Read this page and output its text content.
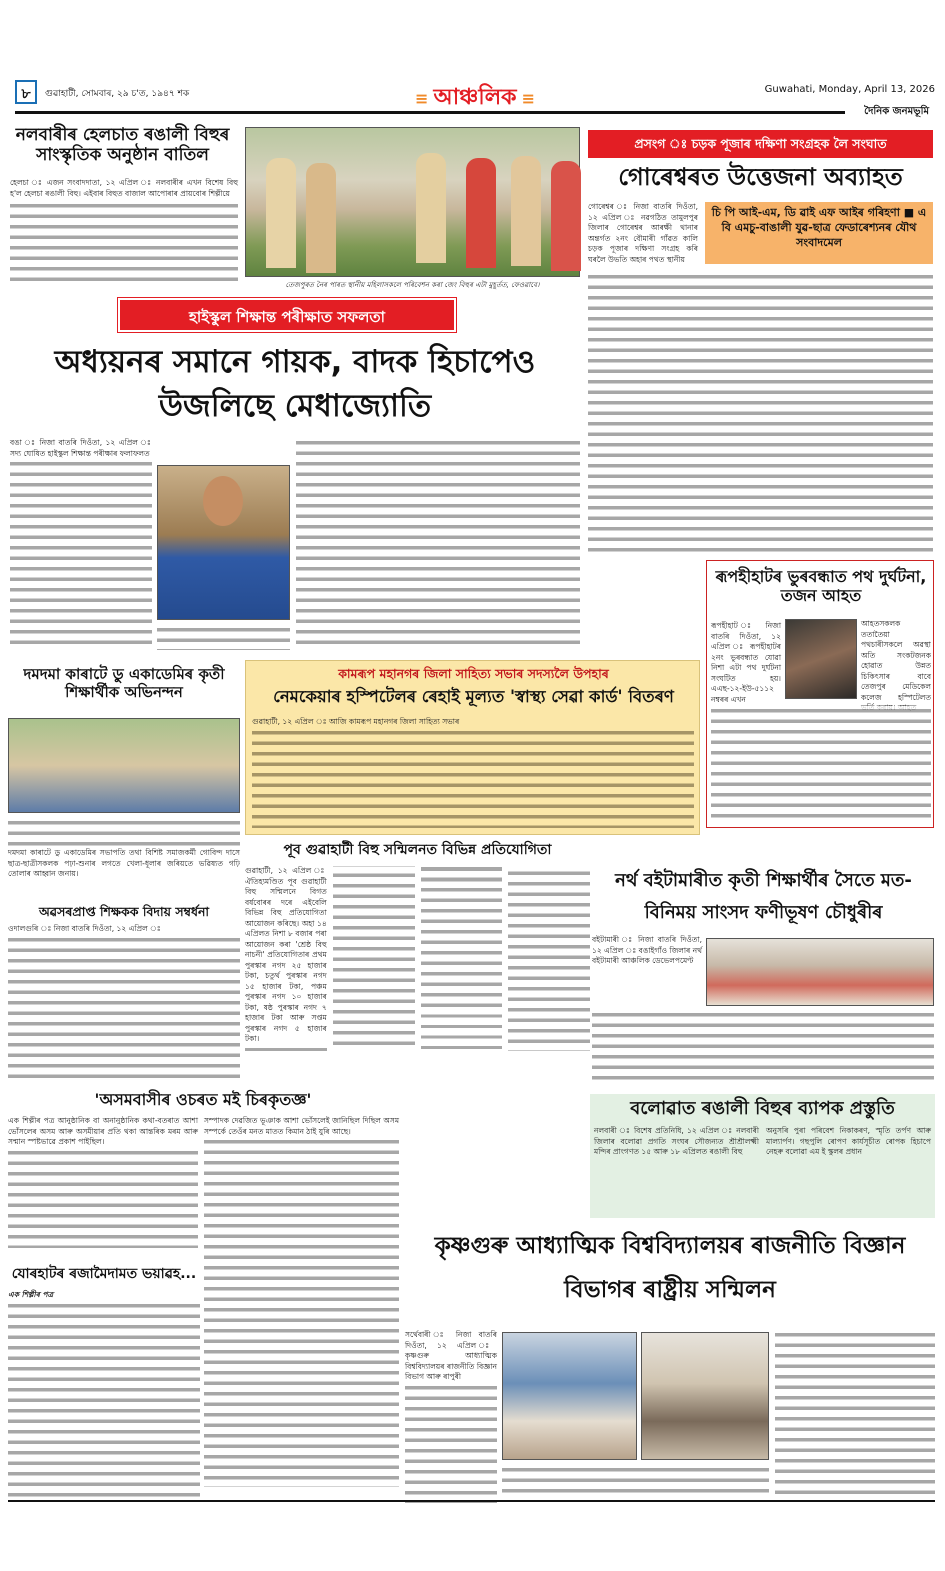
৮	গুৱাহাটী, সোমবাৰ, ২৯ চ'ত, ১৯৪৭ শক	≡ আঞ্চলিক ≡	Guwahati, Monday, April 13, 2026
দৈনিক জনমভূমি
নলবাৰীৰ হেলচাত ৰঙালী বিহুৰ সাংস্কৃতিক অনুষ্ঠান বাতিল
হেলচা ঃ এজন সংবাদদাতা, ১২ এপ্ৰিল ঃ নলবাৰীৰ এখন বিশেষ বিহু হ'ল হেলচা ৰঙালী বিহু। এইবাৰ বিহুত বাজাল আপোৰাৰ প্ৰায়বোৰ শিল্পীয়ে
তেজপুৰত নৈৰ পাৰত স্থানীয় মহিলাসকলে পৰিবেশন কৰা জেং বিহুৰ এটা মুহূৰ্তত, ফেওৱাবে।
প্ৰসংগ ঃ চড়ক পূজাৰ দক্ষিণা সংগ্ৰহক লৈ সংঘাত
গোৰেশ্বৰত উত্তেজনা অব্যাহত
গোৰেশ্বৰ ঃ নিজা বাতৰি দিওঁতা, ১২ এপ্ৰিল ঃ নৱগঠিত তামুলপুৰ জিলাৰ গোৰেশ্বৰ আৰক্ষী থানাৰ অন্তৰ্গত ২নং বৌমাৰী গাঁৱত কালি চড়ক পূজাৰ দক্ষিণা সংগ্ৰহ কৰি ঘৰলৈ উভতি অহাৰ পথত স্থানীয়
চি পি আই-এম, ডি ৱাই এফ আইৰ গৰিহণা ■ এ বি এমচু-বাঙালী যুৱ-ছাত্ৰ ফেডাৰেশ্যনৰ যৌথ সংবাদমেল
হাইস্কুল শিক্ষান্ত পৰীক্ষাত সফলতা
অধ্যয়নৰ সমানে গায়ক, বাদক হিচাপেও উজলিছে মেধাজ্যোতি
বঙা ঃ নিজা বাতৰি দিওঁতা, ১২ এপ্ৰিল ঃ সদ্য ঘোষিত হাইস্কুল শিক্ষান্ত পৰীক্ষাৰ ফলাফলত
ৰূপহীহাটৰ ভুৰবন্ধাত পথ দুৰ্ঘটনা, তজন আহত
ৰূপহীহাট ঃ নিজা বাতৰি দিওঁতা, ১২ এপ্ৰিল ঃ ৰূপহীহাটৰ ২নং ভুৰবন্ধাত যোৱা নিশা এটা পথ দুৰ্ঘটনা সংঘটিত হয়। এএছ-১২-ইউ-৫১১২ নম্বৰৰ এখন
আহতসকলক ততাতৈয়া পথচাৰীসকলে অৱস্থা অতি সংকটজনক হোৱাত উন্নত চিকিৎসাৰ বাবে তেজপুৰ মেডিকেল কলেজ হস্পিটেলত
দমদমা কাৰাটে ডু একাডেমিৰ কৃতী শিক্ষাৰ্থীক অভিনন্দন
দমদমা কাৰাটে ডু একাডেমিৰ সভাপতি তথা বিশিষ্ট সমাজকৰ্মী গোবিন্দ দাসে ছাত্ৰ-ছাত্ৰীসকলক পঢ়া-শুনাৰ লগতে খেলা-ধূলাৰ জৰিয়তে ভৱিষ্যত গঢ়ি তোলাৰ আহ্বান জনায়।
কামৰূপ মহানগৰ জিলা সাহিত্য সভাৰ সদস্যলৈ উপহাৰ
নেমকেয়াৰ হস্পিটেলৰ ৰেহাই মূল্যত 'স্বাস্থ্য সেৱা কাৰ্ড' বিতৰণ
গুৱাহাটী, ১২ এপ্ৰিল ঃ আজি কামৰূপ মহানগৰ জিলা সাহিত্য সভাৰ
অৱসৰপ্ৰাপ্ত শিক্ষকক বিদায় সম্বৰ্ধনা
ওদালগুৰি ঃ নিজা বাতৰি দিওঁতা, ১২ এপ্ৰিল ঃ
পূব গুৱাহাটী বিহু সন্মিলনত বিভিন্ন প্ৰতিযোগিতা
গুৱাহাটী, ১২ এপ্ৰিল ঃ ঐতিহ্যমণ্ডিত পূব গুৱাহাটী বিহু সন্মিলনে বিগত বৰ্ষবোৰৰ দৰে এইবেলি বিভিন্ন বিহু প্ৰতিযোগিতা আয়োজন কৰিছে। অহা ১৪ এপ্ৰিলত নিশা ৮ বজাৰ পৰা আয়োজন কৰা 'শ্ৰেষ্ঠ বিহু নাচনী' প্ৰতিযোগিতাৰ প্ৰথম পুৰস্কাৰ নগদ ২৫ হাজাৰ টকা, চতুৰ্থ পুৰস্কাৰ নগদ ১৫ হাজাৰ টকা, পঞ্চম পুৰস্কাৰ নগদ ১০ হাজাৰ টকা, ষষ্ঠ পুৰস্কাৰ নগদ ৭ হাজাৰ টকা আৰু সপ্তম পুৰস্কাৰ নগদ ৫ হাজাৰ টকা।
নৰ্থ বইটামাৰীত কৃতী শিক্ষাৰ্থীৰ সৈতে মত-বিনিময় সাংসদ ফণীভূষণ চৌধুৰীৰ
বইটামাৰী ঃ নিজা বাতৰি দিওঁতা, ১২ এপ্ৰিল ঃ বঙাইগাঁও জিলাৰ নৰ্থ বইটামাৰী আঞ্চলিক ডেভেলপমেণ্ট
'অসমবাসীৰ ওচৰত মই চিৰকৃতজ্ঞ'
এক শিল্পীৰ পত্ৰ আনুষ্ঠানিক বা অনানুষ্ঠানিক কথা-বতৰাত আশা ভোঁসলেৰ অসম আৰু অসমীয়াৰ প্ৰতি থকা আন্তৰিক মৰম আৰু সন্মান স্পষ্টভাৱে প্ৰকাশ পাইছিল।
সম্পাদক দেৱজিত ভূঞাক আশা ভোঁসলেই জানিছিল দিছিল অসম সম্পৰ্কে তেওঁৰ মনত মাতত কিমান ঠাই যুৰি আছে।
যোৰহাটৰ ৰজামৈদামত ভয়াৱহ...
এক শিল্পীৰ পত্ৰ
বলোৱাত ৰঙালী বিহুৰ ব্যাপক প্ৰস্তুতি
নলবাৰী ঃ বিশেষ প্ৰতিনিধি, ১২ এপ্ৰিল ঃ নলবাৰী জিলাৰ বলোৱা প্ৰগতি সংঘৰ সৌজন্যত শ্ৰীশ্ৰীলক্ষ্মী মন্দিৰ প্ৰাংগণত ১৫ আৰু ১৮ এপ্ৰিলত ৰঙালী বিহু
অনুসৰি পুৰা পৰিবেশ নিকাকৰণ, স্মৃতি তৰ্পণ আৰু মাল্যাৰ্পণ। গছপুলি ৰোপণ কাৰ্যসূচীত ৰোপক হিচাপে নেহৰু বলোৱা এম ই স্কুলৰ প্ৰধান
কৃষ্ণগুৰু আধ্যাত্মিক বিশ্ববিদ্যালয়ৰ ৰাজনীতি বিজ্ঞান বিভাগৰ ৰাষ্ট্ৰীয় সন্মিলন
সৰ্থেবাৰী ঃ নিজা বাতৰি দিওঁতা, ১২ এপ্ৰিল ঃ কৃষ্ণগুৰু আধ্যাত্মিক বিশ্ববিদ্যালয়ৰ ৰাজনীতি বিজ্ঞান বিভাগ আৰু ৰাপুৰী
